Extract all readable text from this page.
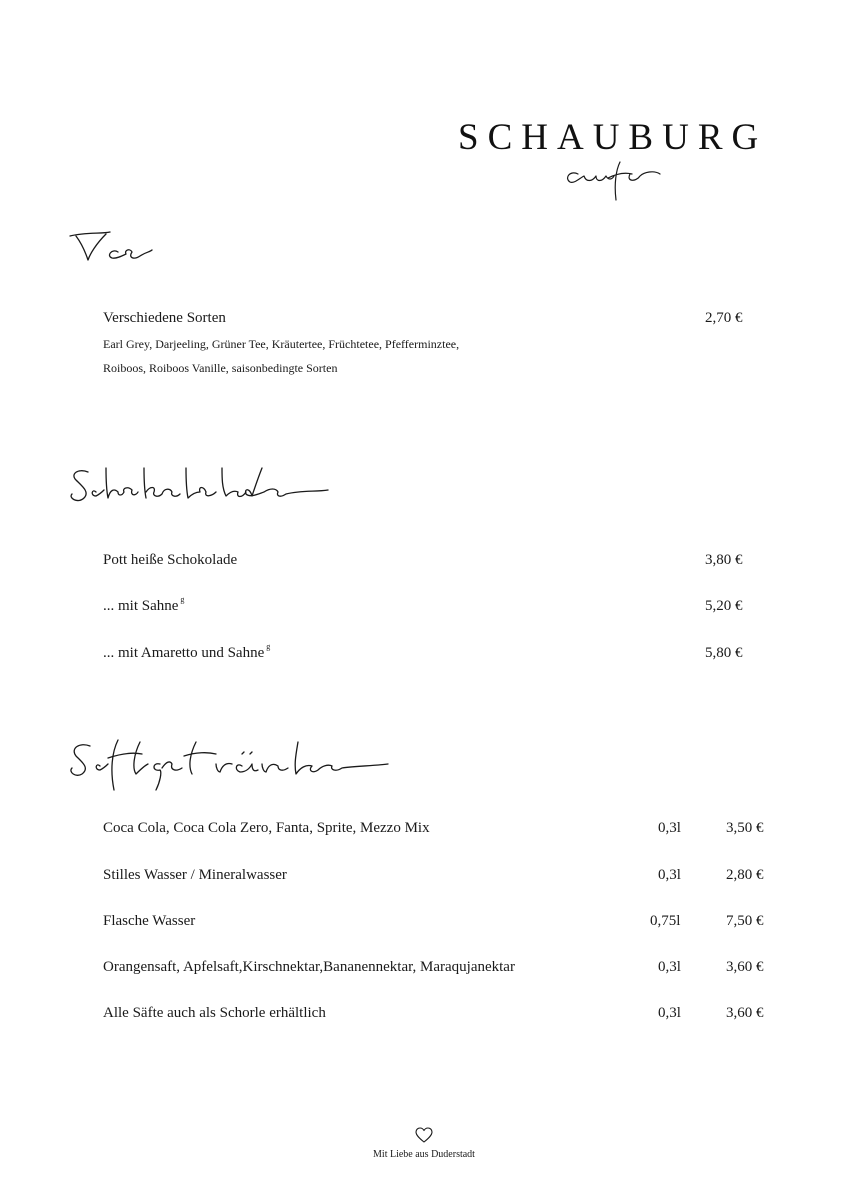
SCHAUBURG
Verschiedene Sorten	2,70 €
Earl Grey, Darjeeling, Grüner Tee, Kräutertee, Früchtetee, Pfefferminztee,
Roiboos, Roiboos Vanille, saisonbedingte Sorten
Pott heiße Schokolade	3,80 €
... mit Sahne $^g$	5,20 €
... mit Amaretto und Sahne $^g$	5,80 €
Coca Cola, Coca Cola Zero, Fanta, Sprite, Mezzo Mix	0,3l	3,50 €
Stilles Wasser / Mineralwasser	0,3l	2,80 €
Flasche Wasser	0,75l	7,50 €
Orangensaft, Apfelsaft,Kirschnektar,Bananennektar, Maraqujanektar	0,3l	3,60 €
Alle Säfte auch als Schorle erhältlich	0,3l	3,60 €
Mit Liebe aus Duderstadt
